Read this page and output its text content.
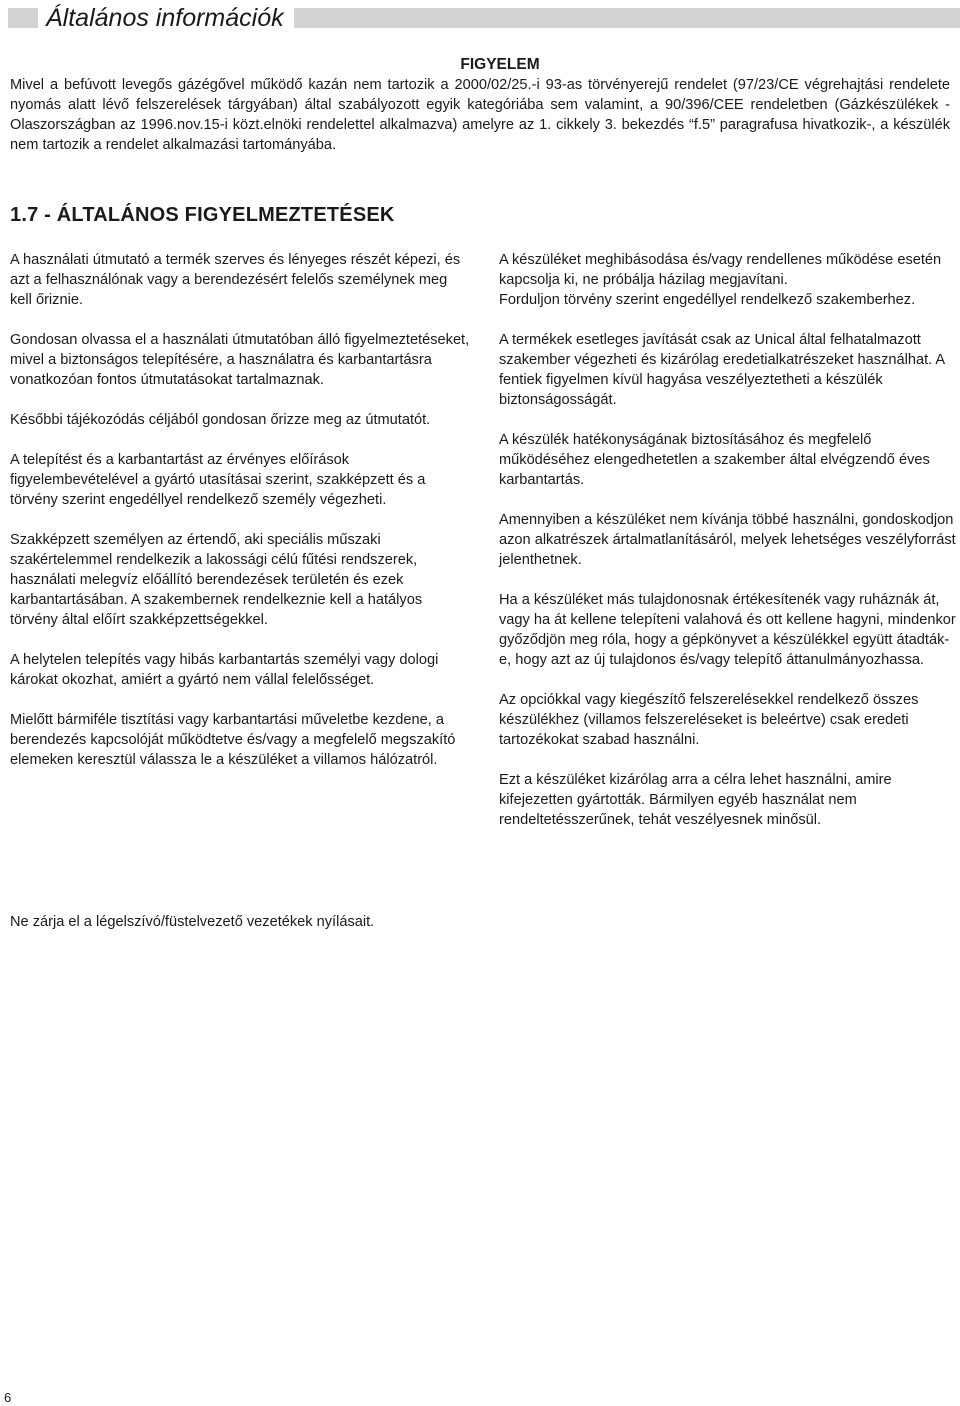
Általános információk
FIGYELEM
Mivel a befúvott levegős gázégővel működő kazán nem tartozik a 2000/02/25.-i 93-as törvényerejű rendelet (97/23/CE végrehajtási rendelete nyomás alatt lévő felszerelések tárgyában) által szabályozott egyik kategóriába sem valamint, a 90/396/CEE rendeletben (Gázkészülékek - Olaszországban az 1996.nov.15-i közt.elnöki rendelettel alkalmazva) amelyre az 1. cikkely 3. bekezdés “f.5” paragrafusa hivatkozik-, a készülék nem tartozik a rendelet alkalmazási tartományába.
1.7 - ÁLTALÁNOS FIGYELMEZTETÉSEK

A használati útmutató a termék szerves és lényeges részét képezi, és azt a felhasználónak vagy a berendezésért felelős személynek meg kell őriznie.

Gondosan olvassa el a használati útmutatóban álló figyelmeztetéseket, mivel a biztonságos telepítésére, a használatra és karbantartásra vonatkozóan fontos útmutatásokat tartalmaznak.

Későbbi tájékozódás céljából gondosan őrizze meg az útmutatót.

A telepítést és a karbantartást az érvényes előírások figyelembevételével a gyártó utasításai szerint, szakképzett és a törvény szerint engedéllyel rendelkező személy végezheti.

Szakképzett személyen az értendő, aki speciális műszaki szakértelemmel rendelkezik a lakossági célú fűtési rendszerek, használati melegvíz előállító berendezések területén és ezek karbantartásában. A szakembernek rendelkeznie kell a hatályos törvény által előírt szakképzettségekkel.

A helytelen telepítés vagy hibás karbantartás személyi vagy dologi károkat okozhat, amiért a gyártó nem vállal felelősséget.

Mielőtt bármiféle tisztítási vagy karbantartási műveletbe kezdene, a berendezés kapcsolóját működtetve és/vagy a megfelelő megszakító elemeken keresztül válassza le a készüléket a villamos hálózatról.

Ne zárja el a légelszívó/füstelvezető vezetékek nyílásait.

A készüléket meghibásodása és/vagy rendellenes működése esetén kapcsolja ki, ne próbálja házilag megjavítani.

Forduljon törvény szerint engedéllyel rendelkező szakemberhez.

A termékek esetleges javítását csak az Unical által felhatalmazott szakember végezheti és kizárólag eredetialkatrészeket használhat. A fentiek figyelmen kívül hagyása veszélyeztetheti a készülék biztonságosságát.

A készülék hatékonyságának biztosításához és megfelelő működéséhez elengedhetetlen a szakember által elvégzendő éves karbantartás.

Amennyiben a készüléket nem kívánja többé használni, gondoskodjon azon alkatrészek ártalmatlanításáról, melyek lehetséges veszélyforrást jelenthetnek.

Ha a készüléket más tulajdonosnak értékesítenék vagy ruháznák át, vagy ha át kellene telepíteni valahová és ott kellene hagyni, mindenkor győződjön meg róla, hogy a gépkönyvet a készülékkel együtt átadták-e, hogy azt az új tulajdonos és/vagy telepítő áttanulmányozhassa.

Az opciókkal vagy kiegészítő felszerelésekkel rendelkező összes készülékhez (villamos felszereléseket is beleértve) csak eredeti tartozékokat szabad használni.

Ezt a készüléket kizárólag arra a célra lehet használni, amire kifejezetten gyártották. Bármilyen egyéb használat nem rendeltetésszerűnek, tehát veszélyesnek minősül.

6
